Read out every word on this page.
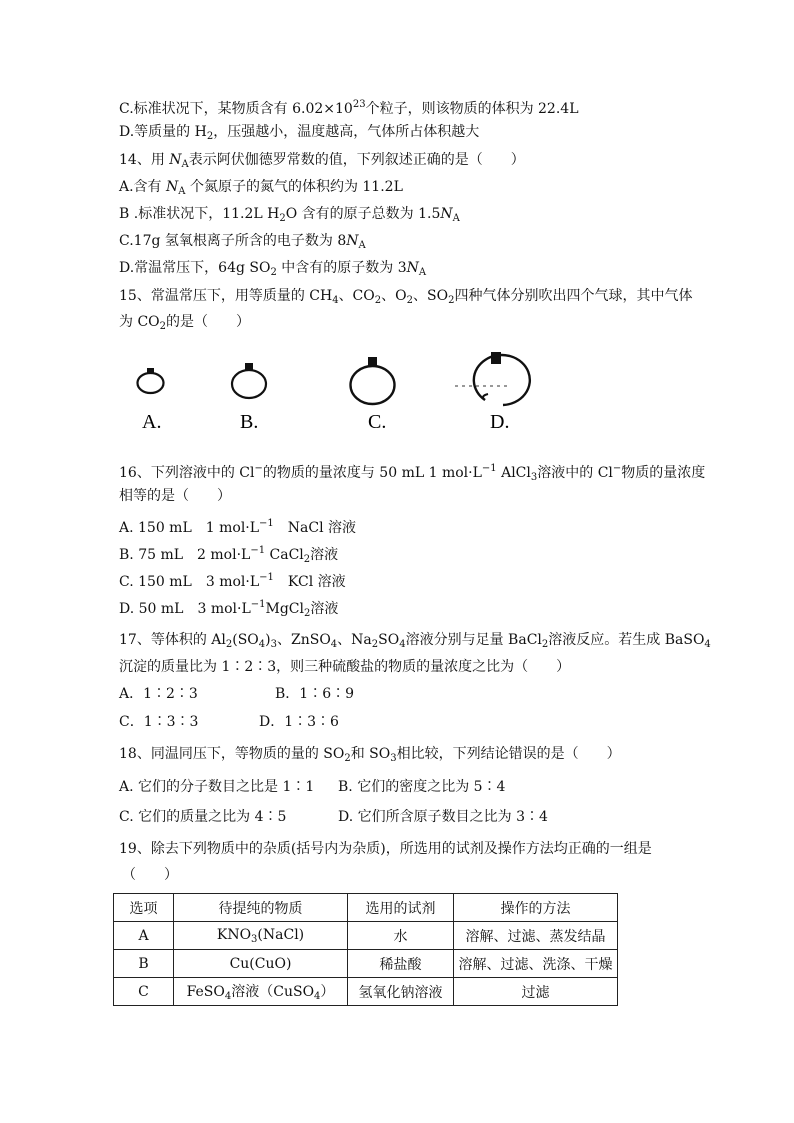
C.标准状况下，某物质含有 $6.02\times 10^{23}$个粒子，则该物质的体积为 22.4L
D.等质量的 $H_2$，压强越小，温度越高，气体所占体积越大
14、用 $N_A$表示阿伏伽德罗常数的值，下列叙述正确的是（　　）
A.含有 $N_A$ 个氮原子的氮气的体积约为 11.2L
B .标准状况下，11.2L $H_2O$ 含有的原子总数为 $1.5N_A$
C.17g 氢氧根离子所含的电子数为 $8N_A$
D.常温常压下，64g $SO_2$ 中含有的原子数为 $3N_A$
15、常温常压下，用等质量的 $CH_4$、$CO_2$、$O_2$、$SO_2$四种气体分别吹出四个气球，其中气体
为 $CO_2$的是（　　）
A.	B.	C.	D.
16、下列溶液中的 Cl−的物质的量浓度与 50 mL 1 $mol\cdot L^{-1}$ AlCl$_3$溶液中的 Cl−物质的量浓度
相等的是（　　）
A. 150 mL　1 $mol\cdot L^{-1}$　NaCl 溶液
B. 75 mL　2 $mol\cdot L^{-1}$ CaCl$_2$溶液
C. 150 mL　3 $mol\cdot L^{-1}$　KCl 溶液
D. 50 mL　3 $mol\cdot L^{-1}MgCl_2$溶液
17、等体积的 $Al_2(SO_4)_3$、ZnSO$_4$、$Na_2SO_4$溶液分别与足量 BaCl$_2$溶液反应。若生成 BaSO$_4$
沉淀的质量比为 1∶2∶3，则三种硫酸盐的物质的量浓度之比为（　　）
A．1∶2∶3	B．1∶6∶9
C．1∶3∶3	D．1∶3∶6
18、同温同压下，等物质的量的 $SO_2$和 $SO_3$相比较，下列结论错误的是（　　）
A. 它们的分子数目之比是 1∶1 B. 它们的密度之比为 5∶4
C. 它们的质量之比为 4∶5	D. 它们所含原子数目之比为 3∶4
19、除去下列物质中的杂质(括号内为杂质)，所选用的试剂及操作方法均正确的一组是
（　　）
选项	待提纯的物质	选用的试剂	操作的方法
A	$KNO_3(NaCl)$	水	溶解、过滤、蒸发结晶
B	Cu(CuO)	稀盐酸	溶解、过滤、洗涤、干燥
C	FeSO$_4$溶液（CuSO$_4$）	氢氧化钠溶液	过滤
